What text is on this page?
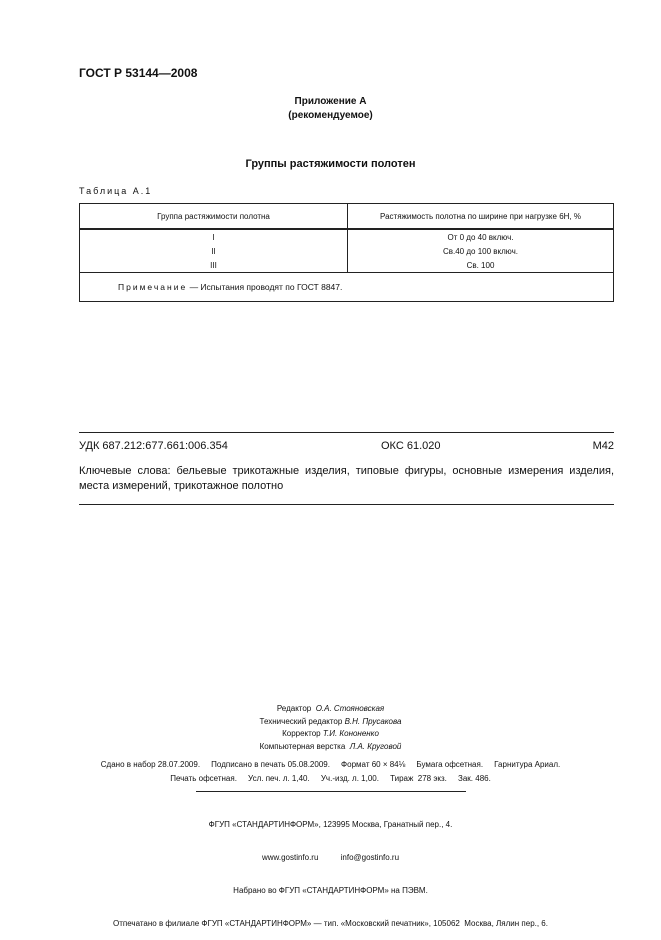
ГОСТ Р 53144—2008
Приложение А
(рекомендуемое)
Группы растяжимости полотен
Таблица А.1
Группа растяжимости полотна	Растяжимость полотна по ширине при нагрузке 6Н, %
I	От 0 до 40 включ.
II	Св.40 до 100 включ.
III	Св. 100
Примечание — Испытания проводят по ГОСТ 8847.	
УДК 687.212:677.661:006.354	ОКС 61.020	М42
Ключевые слова: бельевые трикотажные изделия, типовые фигуры, основные измерения изделия, места измерений, трикотажное полотно
Редактор О.А. Стояновская
Технический редактор В.Н. Прусакова
Корректор Т.И. Кононенко
Компьютерная верстка Л.А. Круговой
Сдано в набор 28.07.2009.     Подписано в печать 05.08.2009.     Формат 60 × 84⅛     Бумага офсетная.     Гарнитура Ариал.
Печать офсетная.     Усл. печ. л. 1,40.     Уч.-изд. л. 1,00.     Тираж  278 экз.     Зак. 486.

ФГУП «СТАНДАРТИНФОРМ», 123995 Москва, Гранатный пер., 4.

www.gostinfo.ru          info@gostinfo.ru

Набрано во ФГУП «СТАНДАРТИНФОРМ» на ПЭВМ.

Отпечатано в филиале ФГУП «СТАНДАРТИНФОРМ» — тип. «Московский печатник», 105062  Москва, Лялин пер., 6.
